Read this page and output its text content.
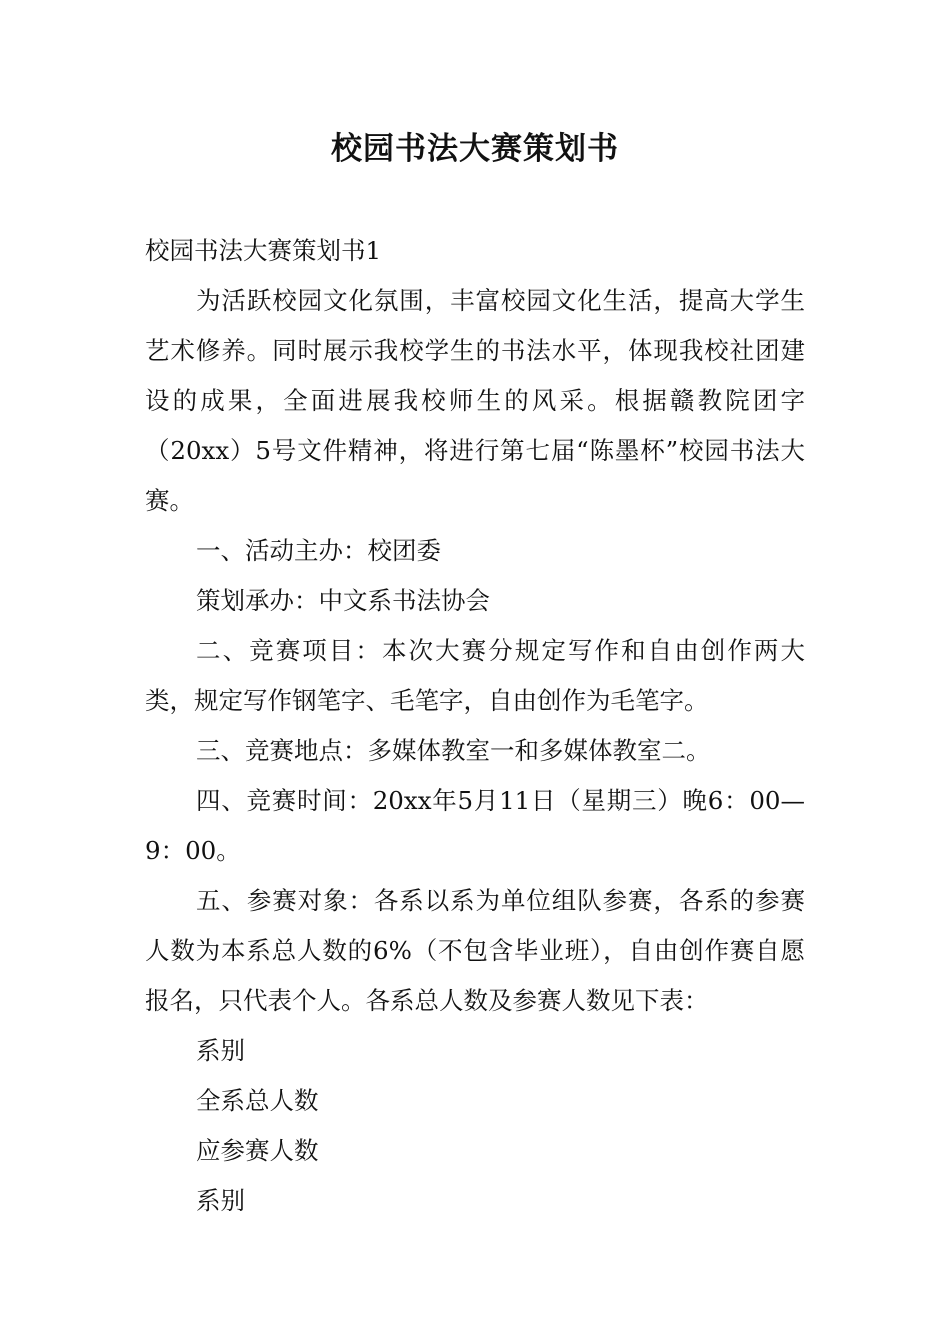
校园书法大赛策划书

校园书法大赛策划书1

为活跃校园文化氛围，丰富校园文化生活，提高大学生艺术修养。同时展示我校学生的书法水平，体现我校社团建设的成果，全面进展我校师生的风采。根据赣教院团字（20xx）5号文件精神，将进行第七届“陈墨杯”校园书法大赛。

一、活动主办：校团委

策划承办：中文系书法协会

二、竞赛项目：本次大赛分规定写作和自由创作两大类，规定写作钢笔字、毛笔字，自由创作为毛笔字。

三、竞赛地点：多媒体教室一和多媒体教室二。

四、竞赛时间：20xx年5月11日（星期三）晚6：00—9：00。

五、参赛对象：各系以系为单位组队参赛，各系的参赛人数为本系总人数的6%（不包含毕业班），自由创作赛自愿报名，只代表个人。各系总人数及参赛人数见下表：

系别

全系总人数

应参赛人数

系别
